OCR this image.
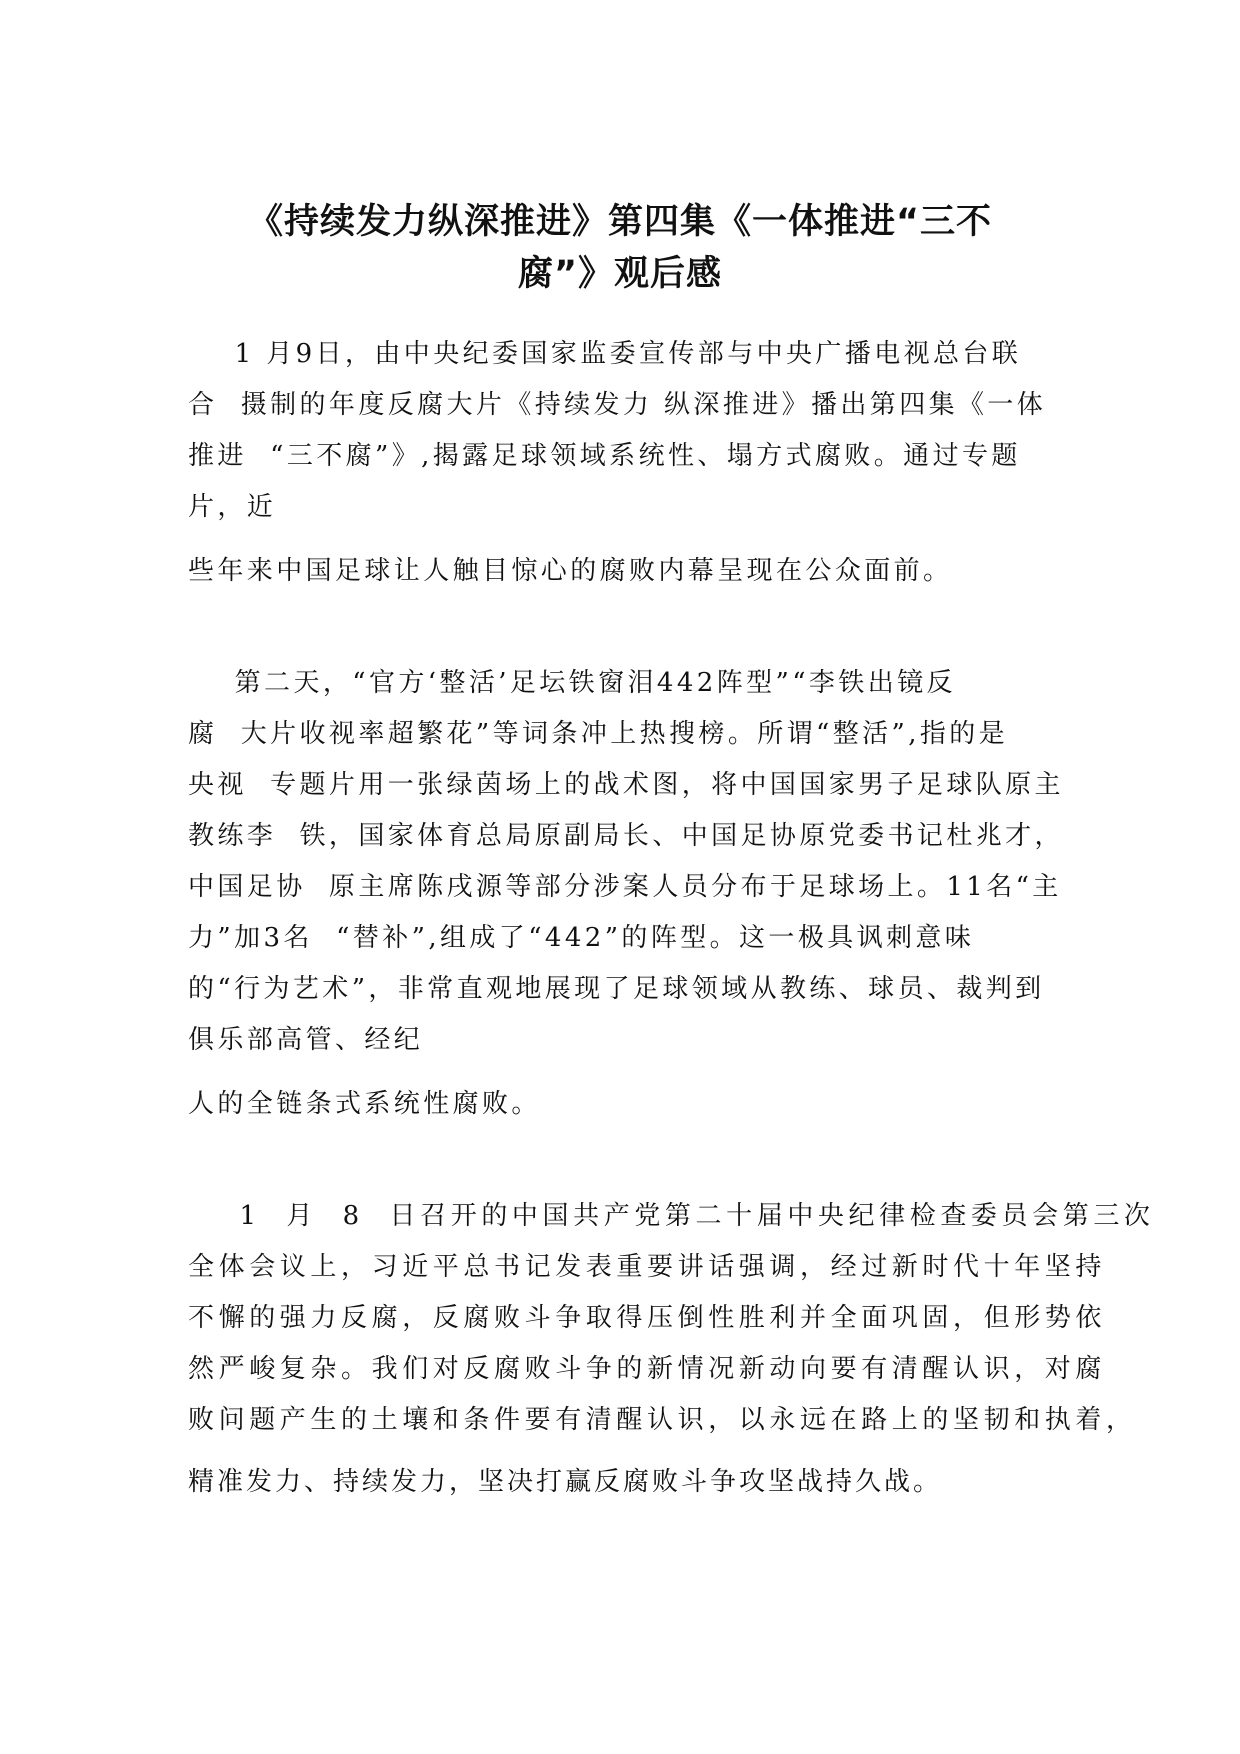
《持续发力纵深推进》第四集《一体推进“三不
腐”》观后感
1 月9日，由中央纪委国家监委宣传部与中央广播电视总台联
合  摄制的年度反腐大片《持续发力 纵深推进》播出第四集《一体
推进  “三不腐”》,揭露足球领域系统性、塌方式腐败。通过专题
片，近
些年来中国足球让人触目惊心的腐败内幕呈现在公众面前。
第二天，“官方‘整活’足坛铁窗泪442阵型”“李铁出镜反
腐  大片收视率超繁花”等词条冲上热搜榜。所谓“整活”,指的是
央视  专题片用一张绿茵场上的战术图，将中国国家男子足球队原主
教练李  铁，国家体育总局原副局长、中国足协原党委书记杜兆才，
中国足协  原主席陈戌源等部分涉案人员分布于足球场上。11名“主
力”加3名  “替补”,组成了“442”的阵型。这一极具讽刺意味
的“行为艺术”，非常直观地展现了足球领域从教练、球员、裁判到
俱乐部高管、经纪
人的全链条式系统性腐败。
1  月  8  日召开的中国共产党第二十届中央纪律检查委员会第三次
全体会议上，习近平总书记发表重要讲话强调，经过新时代十年坚持
不懈的强力反腐，反腐败斗争取得压倒性胜利并全面巩固，但形势依
然严峻复杂。我们对反腐败斗争的新情况新动向要有清醒认识，对腐
败问题产生的土壤和条件要有清醒认识，以永远在路上的坚韧和执着，
精准发力、持续发力，坚决打赢反腐败斗争攻坚战持久战。
